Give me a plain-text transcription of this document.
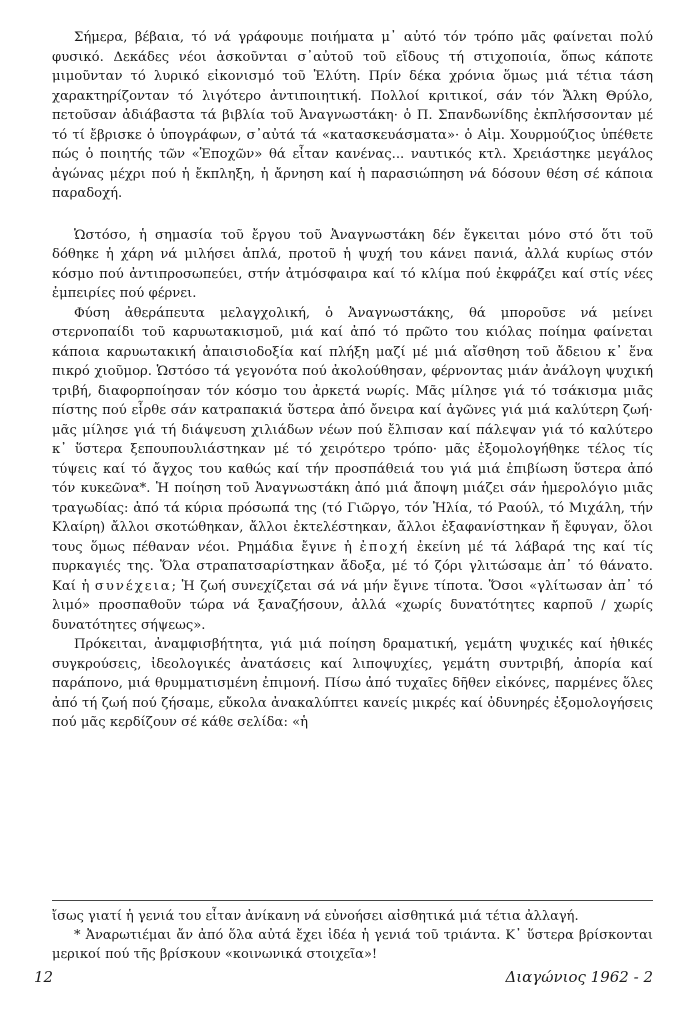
Σήμερα, βέβαια, τό νά γράφουμε ποιήματα μ᾽ αὐτό τόν τρόπο μᾶς φαίνεται πολύ φυσικό. Δεκάδες νέοι ἀσκοῦνται σ᾽αὐτοῦ τοῦ εἴδους τή στιχοποιία, ὅπως κάποτε μιμοῦνταν τό λυρικό εἰκονισμό τοῦ Ἐλύτη. Πρίν δέκα χρόνια ὅμως μιά τέτια τάση χαρακτηρίζονταν τό λιγότερο ἀντιποιητική. Πολλοί κριτικοί, σάν τόν Ἄλκη Θρύλο, πετοῦσαν ἀδιάβαστα τά βιβλία τοῦ Ἀναγνωστάκη· ὁ Π. Σπανδωνίδης ἐκπλήσσονταν μέ τό τί ἔβρισκε ὁ ὑπογράφων, σ᾽αὐτά τά «κατασκευάσματα»· ὁ Αἰμ. Χουρμούζιος ὑπέθετε πώς ὁ ποιητής τῶν «Ἐποχῶν» θά εἶταν κανένας... ναυτικός κτλ. Χρειάστηκε μεγάλος ἀγώνας μέχρι πού ἡ ἔκπληξη, ἡ ἄρνηση καί ἡ παρασιώπηση νά δόσουν θέση σέ κάποια παραδοχή.

Ὡστόσο, ἡ σημασία τοῦ ἔργου τοῦ Ἀναγνωστάκη δέν ἔγκειται μόνο στό ὅτι τοῦ δόθηκε ἡ χάρη νά μιλήσει ἁπλά, προτοῦ ἡ ψυχή του κάνει πανιά, ἀλλά κυρίως στόν κόσμο πού ἀντιπροσωπεύει, στήν ἀτμόσφαιρα καί τό κλίμα πού ἐκφράζει καί στίς νέες ἐμπειρίες πού φέρνει.

Φύση ἀθεράπευτα μελαγχολική, ὁ Ἀναγνωστάκης, θά μποροῦσε νά μείνει στερνοπαίδι τοῦ καρυωτακισμοῦ, μιά καί ἀπό τό πρῶτο του κιόλας ποίημα φαίνεται κάποια καρυωτακική ἀπαισιοδοξία καί πλήξη μαζί μέ μιά αἴσθηση τοῦ ἄδειου κ᾽ ἕνα πικρό χιοῦμορ. Ὡστόσο τά γεγονότα πού ἀκολούθησαν, φέρνοντας μιάν ἀνάλογη ψυχική τριβή, διαφορποίησαν τόν κόσμο του ἀρκετά νωρίς. Μᾶς μίλησε γιά τό τσάκισμα μιᾶς πίστης πού εἶρθε σάν κατραπακιά ὕστερα ἀπό ὄνειρα καί ἀγῶνες γιά μιά καλύτερη ζωή· μᾶς μίλησε γιά τή διάψευση χιλιάδων νέων πού ἔλπισαν καί πάλεψαν γιά τό καλύτερο κ᾽ ὕστερα ξεπουπουλιάστηκαν μέ τό χειρότερο τρόπο· μᾶς ἐξομολογήθηκε τέλος τίς τύψεις καί τό ἄγχος του καθώς καί τήν προσπάθειά του γιά μιά ἐπιβίωση ὕστερα ἀπό τόν κυκεῶνα*. Ἡ ποίηση τοῦ Ἀναγνωστάκη ἀπό μιά ἄποψη μιάζει σάν ἡμερολόγιο μιᾶς τραγωδίας: ἀπό τά κύρια πρόσωπά της (τό Γιῶργο, τόν Ἠλία, τό Ραούλ, τό Μιχάλη, τήν Κλαίρη) ἄλλοι σκοτώθηκαν, ἄλλοι ἐκτελέστηκαν, ἄλλοι ἐξαφανίστηκαν ἤ ἔφυγαν, ὅλοι τους ὅμως πέθαναν νέοι. Ρημάδια ἔγινε ἡ ἐποχή ἐκείνη μέ τά λάβαρά της καί τίς πυρκαγιές της. Ὅλα στραπατσαρίστηκαν ἄδοξα, μέ τό ζόρι γλιτώσαμε ἀπ᾽ τό θάνατο. Καί ἡ συνέχεια; Ἡ ζωή συνεχίζεται σά νά μήν ἔγινε τίποτα. Ὅσοι «γλίτωσαν ἀπ᾽ τό λιμό» προσπαθοῦν τώρα νά ξαναζήσουν, ἀλλά «χωρίς δυνατότητες καρποῦ / χωρίς δυνατότητες σήψεως».

Πρόκειται, ἀναμφισβήτητα, γιά μιά ποίηση δραματική, γεμάτη ψυχικές καί ἠθικές συγκρούσεις, ἰδεολογικές ἀνατάσεις καί λιποψυχίες, γεμάτη συντριβή, ἀπορία καί παράπονο, μιά θρυμματισμένη ἐπιμονή. Πίσω ἀπό τυχαῖες δῆθεν εἰκόνες, παρμένες ὅλες ἀπό τή ζωή πού ζήσαμε, εὔκολα ἀνακαλύπτει κανείς μικρές καί ὀδυνηρές ἐξομολογήσεις πού μᾶς κερδίζουν σέ κάθε σελίδα: «ἡ

ἴσως γιατί ἡ γενιά του εἶταν ἀνίκανη νά εὐνοήσει αἰσθητικά μιά τέτια ἀλλαγή.

* Ἀναρωτιέμαι ἄν ἀπό ὅλα αὐτά ἔχει ἰδέα ἡ γενιά τοῦ τριάντα. Κ᾽ ὕστερα βρίσκονται μερικοί πού τῆς βρίσκουν «κοινωνικά στοιχεῖα»!

12	Διαγώνιος 1962 - 2
